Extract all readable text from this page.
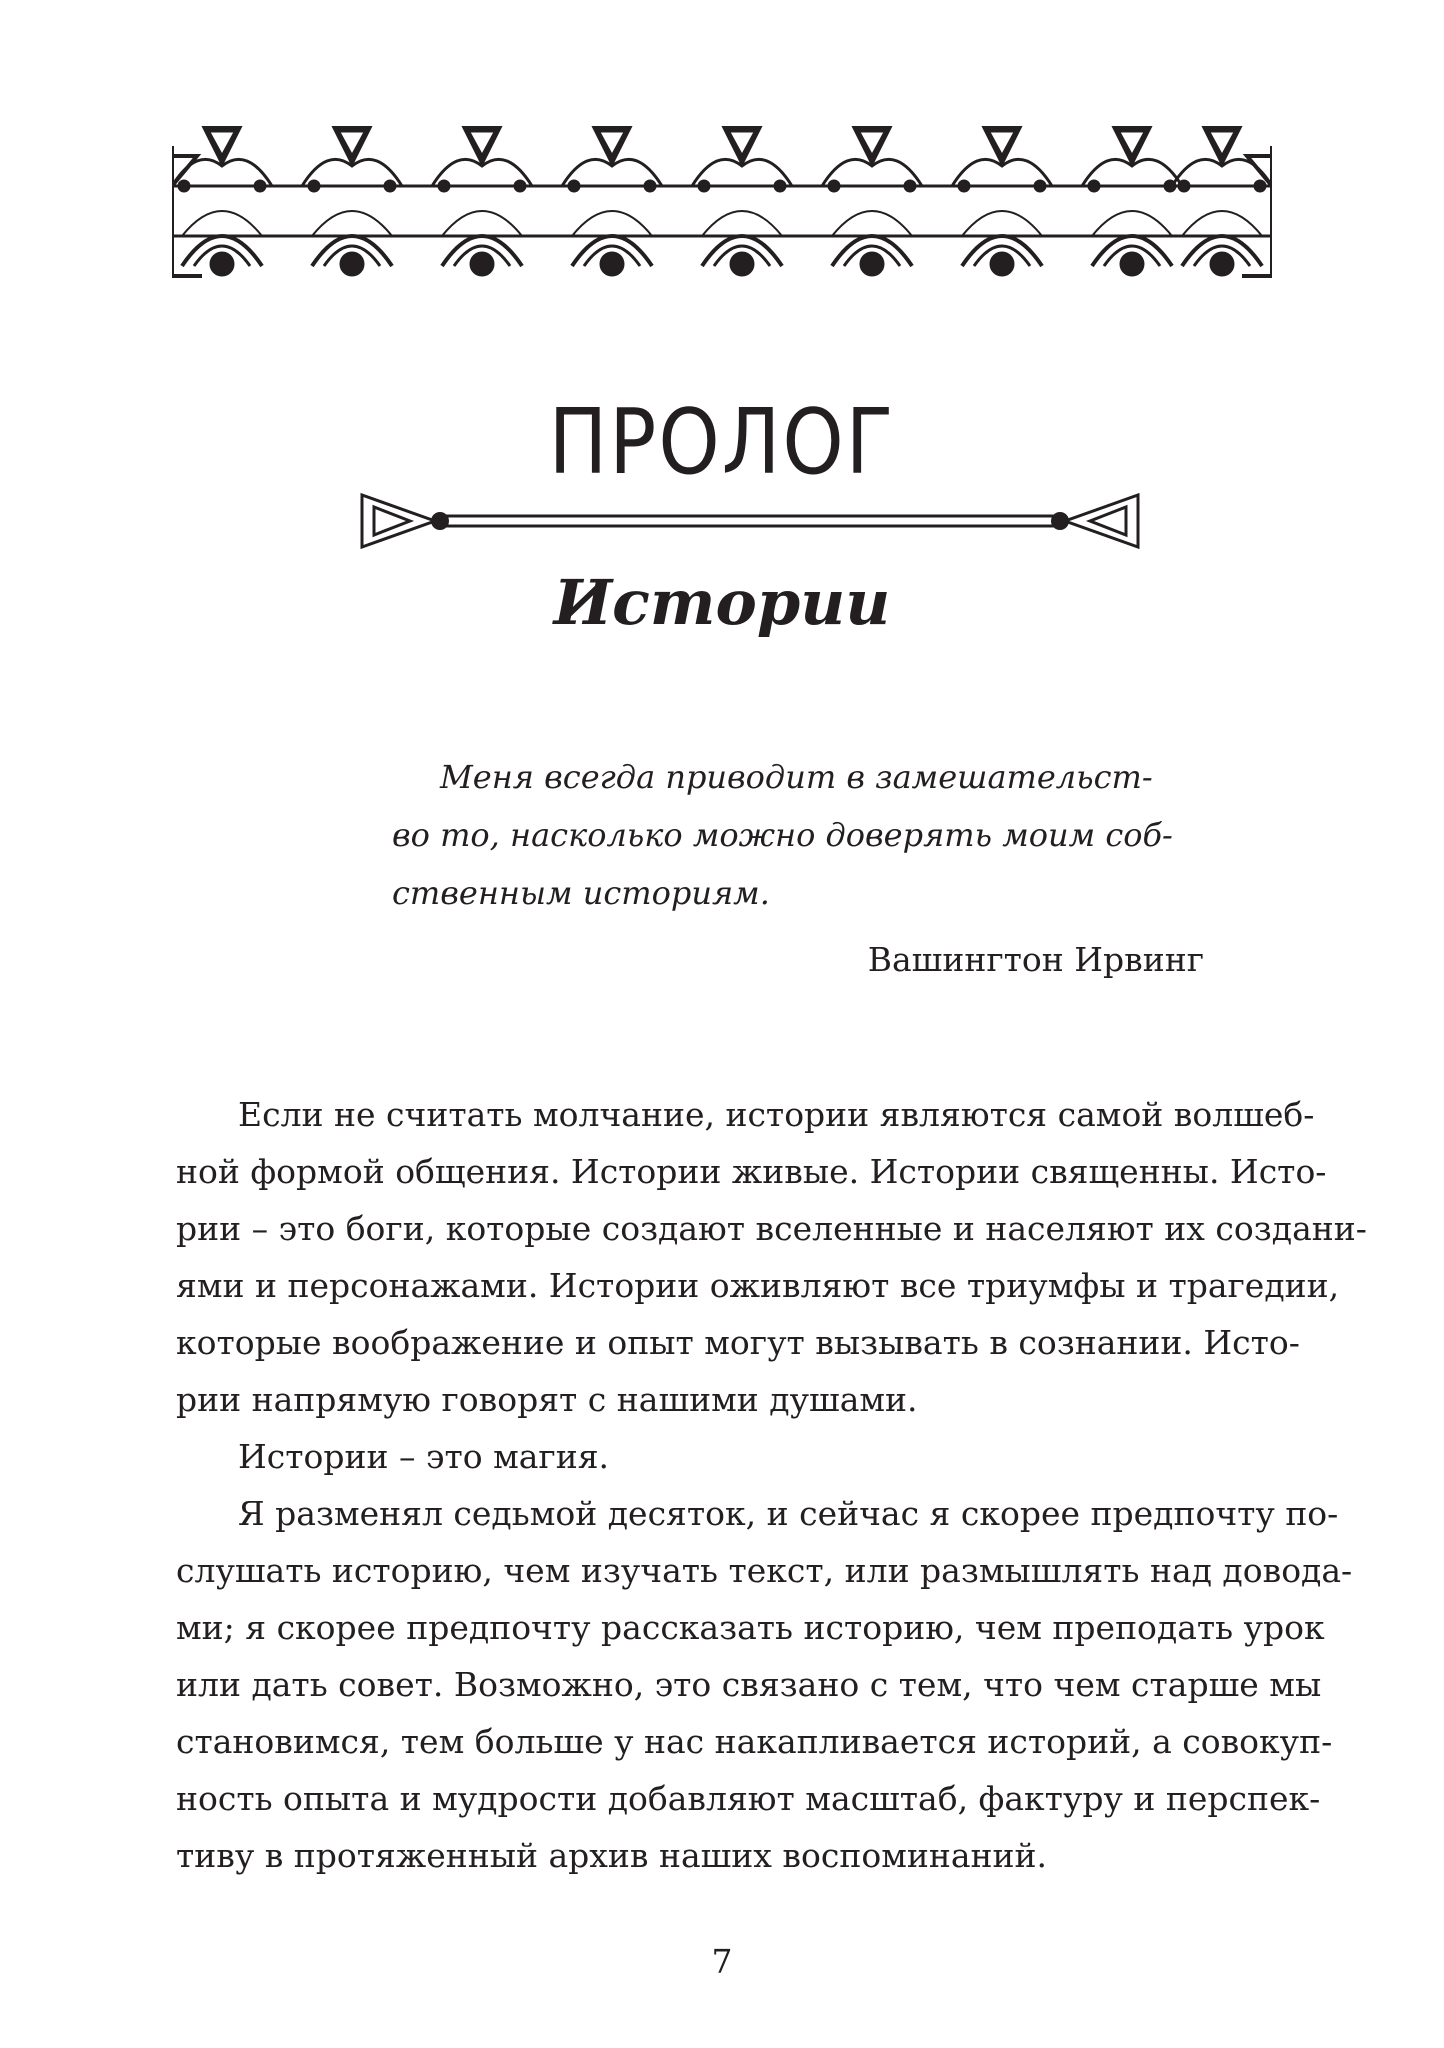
ПРОЛОГ
Истории

Меня всегда приводит в замешательст-
во то, насколько можно доверять моим соб-
ственным историям.

Вашингтон Ирвинг

Если не считать молчание, истории являются самой волшеб-
ной формой общения. Истории живые. Истории священны. Исто-
рии – это боги, которые создают вселенные и населяют их создани-
ями и персонажами. Истории оживляют все триумфы и трагедии,
которые воображение и опыт могут вызывать в сознании. Исто-
рии напрямую говорят с нашими душами.
Истории – это магия.
Я разменял седьмой десяток, и сейчас я скорее предпочту по-
слушать историю, чем изучать текст, или размышлять над довода-
ми; я скорее предпочту рассказать историю, чем преподать урок
или дать совет. Возможно, это связано с тем, что чем старше мы
становимся, тем больше у нас накапливается историй, а совокуп-
ность опыта и мудрости добавляют масштаб, фактуру и перспек-
тиву в протяженный архив наших воспоминаний.

7
